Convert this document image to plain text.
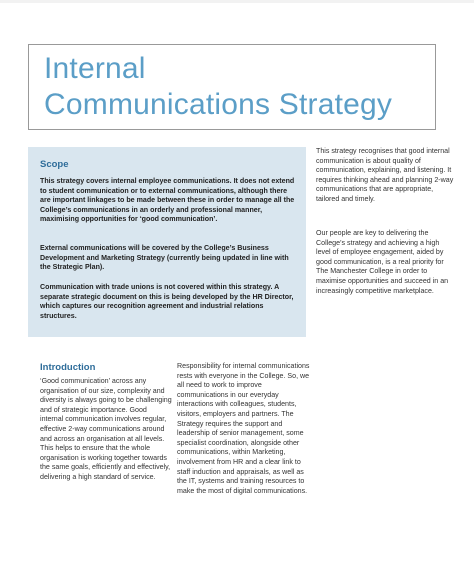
Internal
Communications Strategy
Scope
This strategy covers internal employee communications. It does not extend to student communication or to external communications, although there are important linkages to be made between these in order to manage all the College’s communications in an orderly and professional manner, maximising opportunities for ‘good communication’.
External communications will be covered by the College’s Business Development and Marketing Strategy (currently being updated in line with the Strategic Plan).
Communication with trade unions is not covered within this strategy. A separate strategic document on this is being developed by the HR Director, which captures our recognition agreement and industrial relations structures.
This strategy recognises that good internal communication is about quality of communication, explaining, and listening. It requires thinking ahead and planning 2-way communications that are appropriate, tailored and timely.
Our people are key to delivering the College’s strategy and achieving a high level of employee engagement, aided by good communication, is a real priority for The Manchester College in order to maximise opportunities and succeed in an increasingly competitive marketplace.
Introduction
‘Good communication’ across any organisation of our size, complexity and diversity is always going to be challenging and of strategic importance. Good internal communication involves regular, effective 2-way communications around and across an organisation at all levels. This helps to ensure that the whole organisation is working together towards the same goals, efficiently and effectively, delivering a high standard of service.
Responsibility for internal communications rests with everyone in the College. So, we all need to work to improve communications in our everyday interactions with colleagues, students, visitors, employers and partners. The Strategy requires the support and leadership of senior management, some specialist coordination, alongside other communications, within Marketing, involvement from HR and a clear link to staff induction and appraisals, as well as the IT, systems and training resources to make the most of digital communications.
